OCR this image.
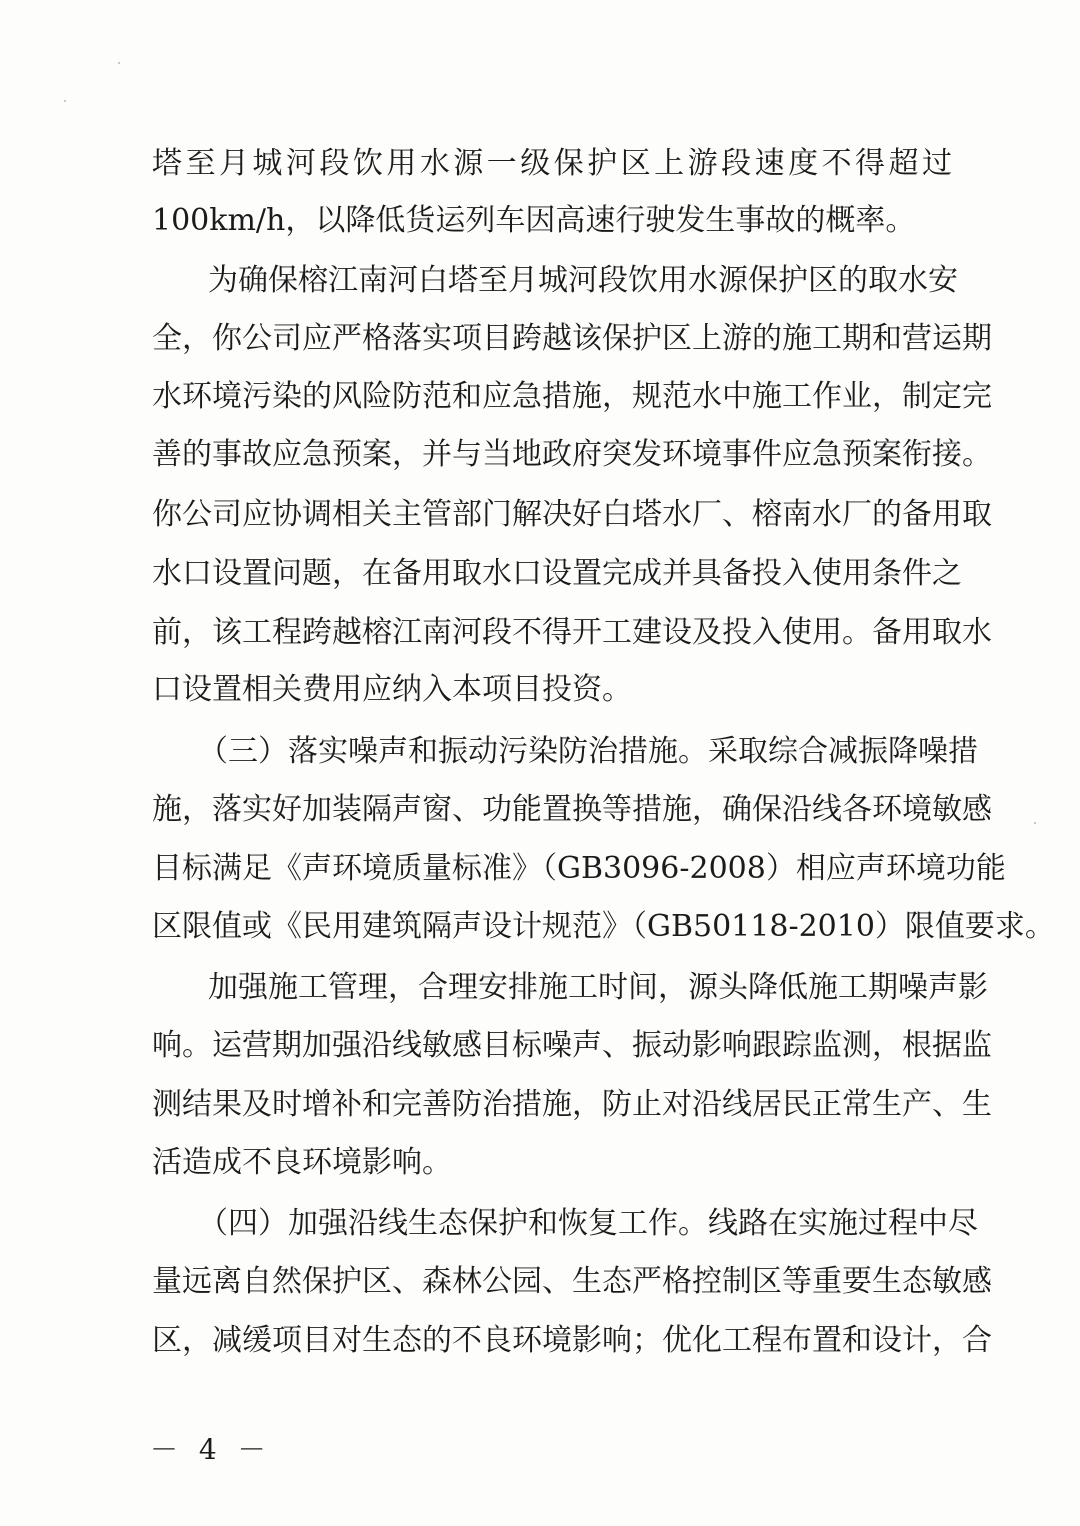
塔至月城河段饮用水源一级保护区上游段速度不得超过
100km/h，以降低货运列车因高速行驶发生事故的概率。
为确保榕江南河白塔至月城河段饮用水源保护区的取水安
全，你公司应严格落实项目跨越该保护区上游的施工期和营运期
水环境污染的风险防范和应急措施，规范水中施工作业，制定完
善的事故应急预案，并与当地政府突发环境事件应急预案衔接。
你公司应协调相关主管部门解决好白塔水厂、榕南水厂的备用取
水口设置问题，在备用取水口设置完成并具备投入使用条件之
前，该工程跨越榕江南河段不得开工建设及投入使用。备用取水
口设置相关费用应纳入本项目投资。
（三）落实噪声和振动污染防治措施。采取综合减振降噪措
施，落实好加装隔声窗、功能置换等措施，确保沿线各环境敏感
目标满足《声环境质量标准》（GB3096-2008）相应声环境功能
区限值或《民用建筑隔声设计规范》（GB50118-2010）限值要求。
加强施工管理，合理安排施工时间，源头降低施工期噪声影
响。运营期加强沿线敏感目标噪声、振动影响跟踪监测，根据监
测结果及时增补和完善防治措施，防止对沿线居民正常生产、生
活造成不良环境影响。
（四）加强沿线生态保护和恢复工作。线路在实施过程中尽
量远离自然保护区、森林公园、生态严格控制区等重要生态敏感
区，减缓项目对生态的不良环境影响；优化工程布置和设计，合
－ 4 －
